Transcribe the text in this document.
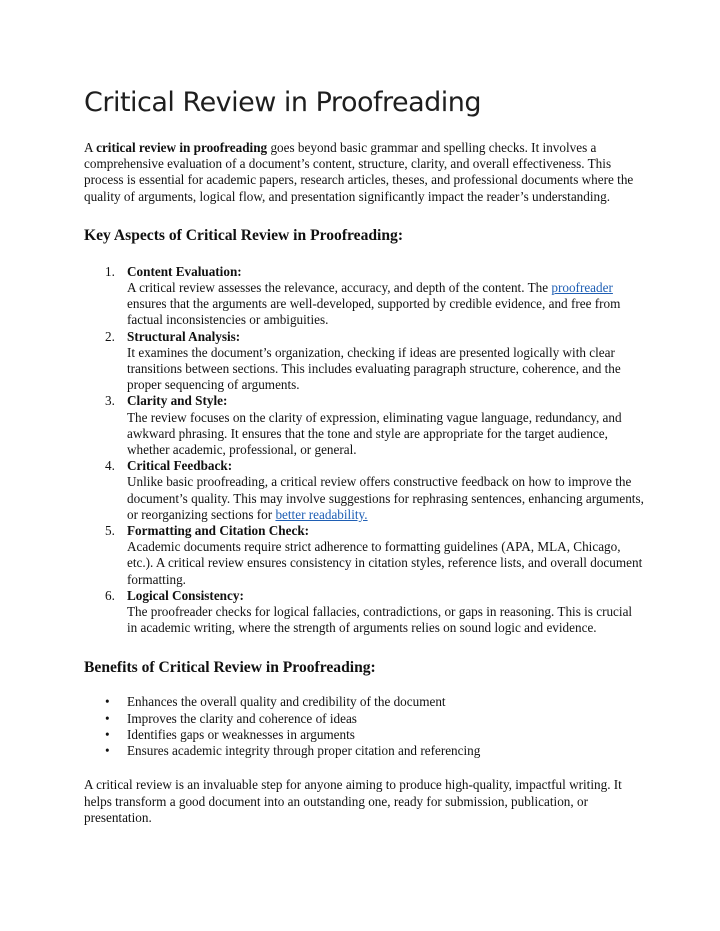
Critical Review in Proofreading

A critical review in proofreading goes beyond basic grammar and spelling checks. It involves a comprehensive evaluation of a document’s content, structure, clarity, and overall effectiveness. This process is essential for academic papers, research articles, theses, and professional documents where the quality of arguments, logical flow, and presentation significantly impact the reader’s understanding.

Key Aspects of Critical Review in Proofreading:
1. Content Evaluation:
A critical review assesses the relevance, accuracy, and depth of the content. The proofreader ensures that the arguments are well-developed, supported by credible evidence, and free from factual inconsistencies or ambiguities.
2. Structural Analysis:
It examines the document’s organization, checking if ideas are presented logically with clear transitions between sections. This includes evaluating paragraph structure, coherence, and the proper sequencing of arguments.
3. Clarity and Style:
The review focuses on the clarity of expression, eliminating vague language, redundancy, and awkward phrasing. It ensures that the tone and style are appropriate for the target audience, whether academic, professional, or general.
4. Critical Feedback:
Unlike basic proofreading, a critical review offers constructive feedback on how to improve the document’s quality. This may involve suggestions for rephrasing sentences, enhancing arguments, or reorganizing sections for better readability.
5. Formatting and Citation Check:
Academic documents require strict adherence to formatting guidelines (APA, MLA, Chicago, etc.). A critical review ensures consistency in citation styles, reference lists, and overall document formatting.
6. Logical Consistency:
The proofreader checks for logical fallacies, contradictions, or gaps in reasoning. This is crucial in academic writing, where the strength of arguments relies on sound logic and evidence.
Benefits of Critical Review in Proofreading:
• Enhances the overall quality and credibility of the document
• Improves the clarity and coherence of ideas
• Identifies gaps or weaknesses in arguments
• Ensures academic integrity through proper citation and referencing

A critical review is an invaluable step for anyone aiming to produce high-quality, impactful writing. It helps transform a good document into an outstanding one, ready for submission, publication, or presentation.
